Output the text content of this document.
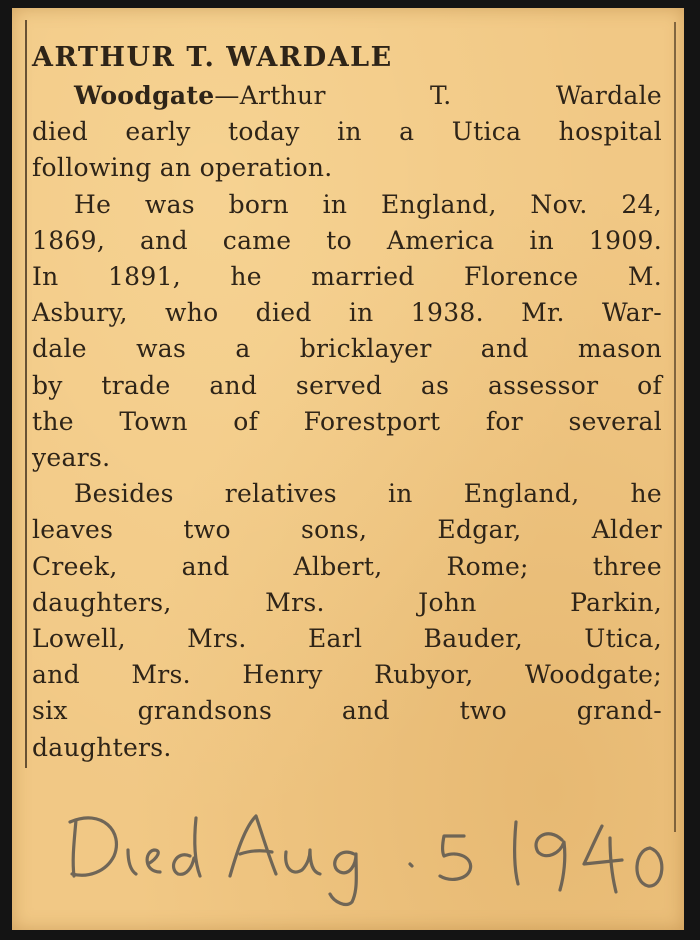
ARTHUR T. WARDALE
Woodgate—Arthur T. Wardale
died early today in a Utica hospital
following an operation.
He was born in England, Nov. 24,
1869, and came to America in 1909.
In 1891, he married Florence M.
Asbury, who died in 1938. Mr. War-
dale was a bricklayer and mason
by trade and served as assessor of
the Town of Forestport for several
years.
Besides relatives in England, he
leaves two sons, Edgar, Alder
Creek, and Albert, Rome; three
daughters, Mrs. John Parkin,
Lowell, Mrs. Earl Bauder, Utica,
and Mrs. Henry Rubyor, Woodgate;
six grandsons and two grand-
daughters.
Died Aug. 5 1940
